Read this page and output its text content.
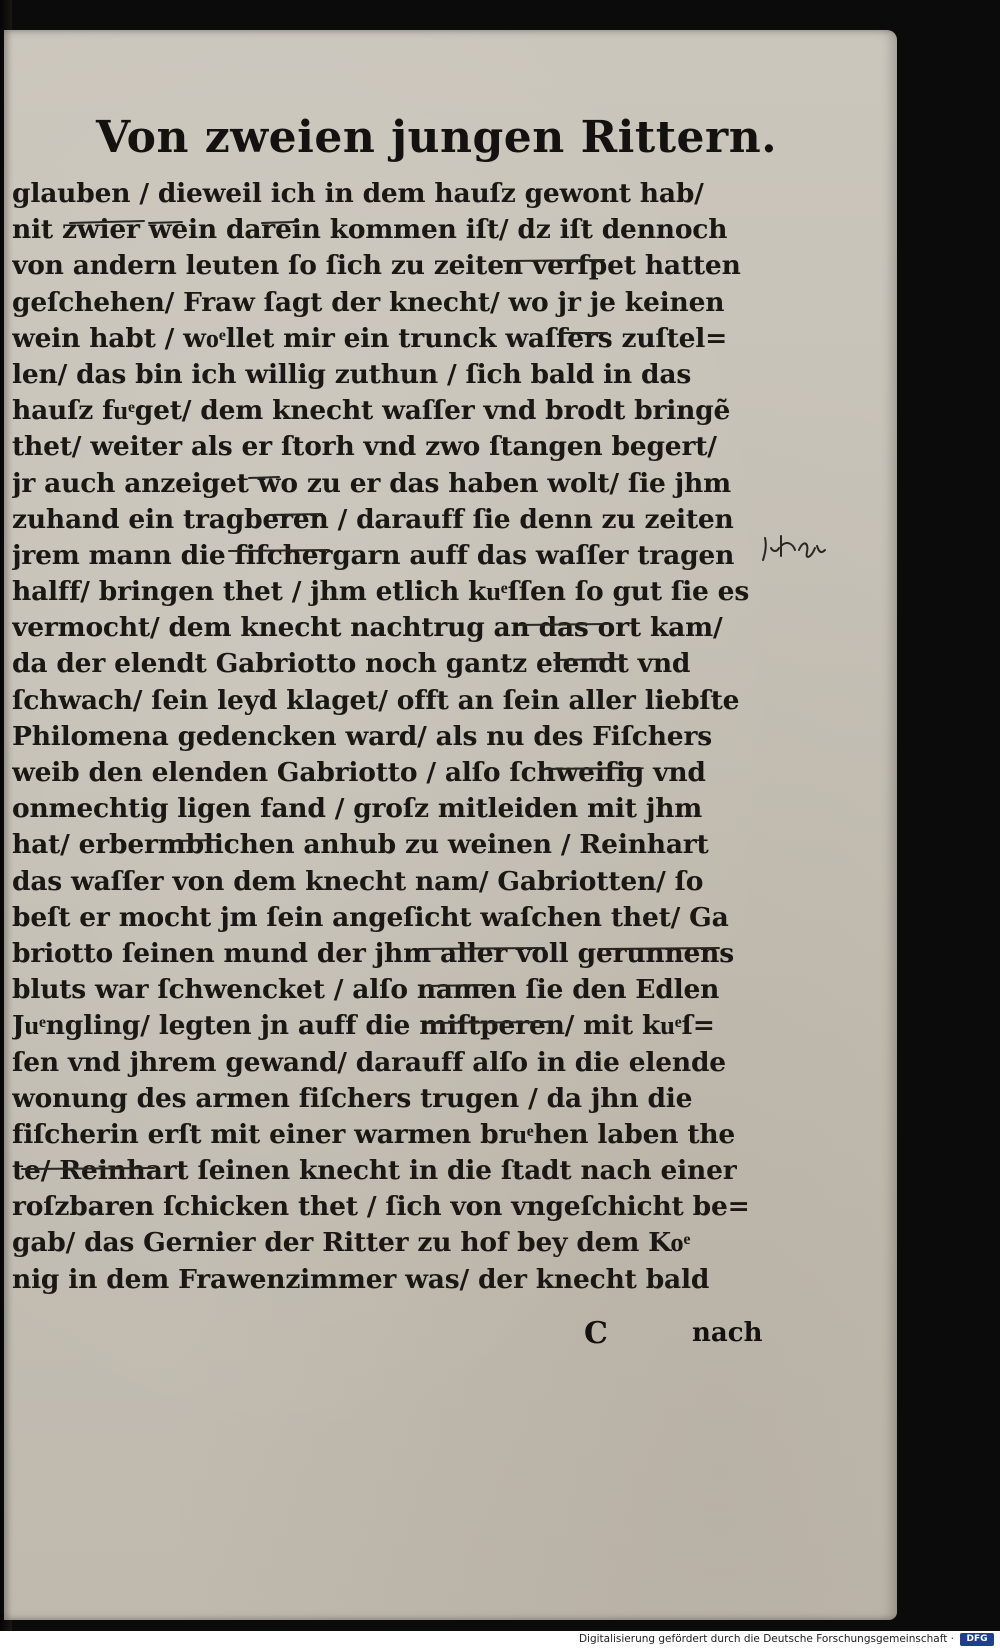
Von zweien jungen Rittern.
glauben / dieweil ich in dem hauſz gewont hab/
nit zwier wein darein kommen iſt/ dz iſt dennoch
von andern leuten ſo ſich zu zeiten verſpet hatten
geſchehen/ Fraw ſagt der knecht/ wo jr je keinen
wein habt / woͤllet mir ein trunck waſſers zuſtel=
len/ das bin ich willig zuthun / ſich bald in das
hauſz fuͤget/ dem knecht waſſer vnd brodt bringẽ
thet/ weiter als er ſtorh vnd zwo ſtangen begert/
jr auch anzeiget wo zu er das haben wolt/ ſie jhm
zuhand ein tragberen / darauff ſie denn zu zeiten
jrem mann die fiſchergarn auff das waſſer tragen
halff/ bringen thet / jhm etlich kuͤſſen ſo gut ſie es
vermocht/ dem knecht nachtrug an das ort kam/
da der elendt Gabriotto noch gantz elendt vnd
ſchwach/ ſein leyd klaget/ offt an ſein aller liebſte
Philomena gedencken ward/ als nu des Fiſchers
weib den elenden Gabriotto / alſo ſchweiſig vnd
onmechtig ligen fand / groſz mitleiden mit jhm
hat/ erbermblichen anhub zu weinen / Reinhart
das waſſer von dem knecht nam/ Gabriotten/ ſo
beſt er mocht jm ſein angeſicht waſchen thet/ Ga
briotto ſeinen mund der jhm aller voll gerunnens
bluts war ſchwencket / alſo namen ſie den Edlen
Juͤngling/ legten jn auff die miſtperen/ mit kuͤſ=
ſen vnd jhrem gewand/ darauff alſo in die elende
wonung des armen fiſchers trugen / da jhn die
fiſcherin erſt mit einer warmen bruͤhen laben the
te/ Reinhart ſeinen knecht in die ſtadt nach einer
roſzbaren ſchicken thet / ſich von vngeſchicht be=
gab/ das Gernier der Ritter zu hof bey dem Koͤ
nig in dem Frawenzimmer was/ der knecht bald
C	nach
Digitalisierung gefördert durch die Deutsche Forschungsgemeinschaft ·	DFG
